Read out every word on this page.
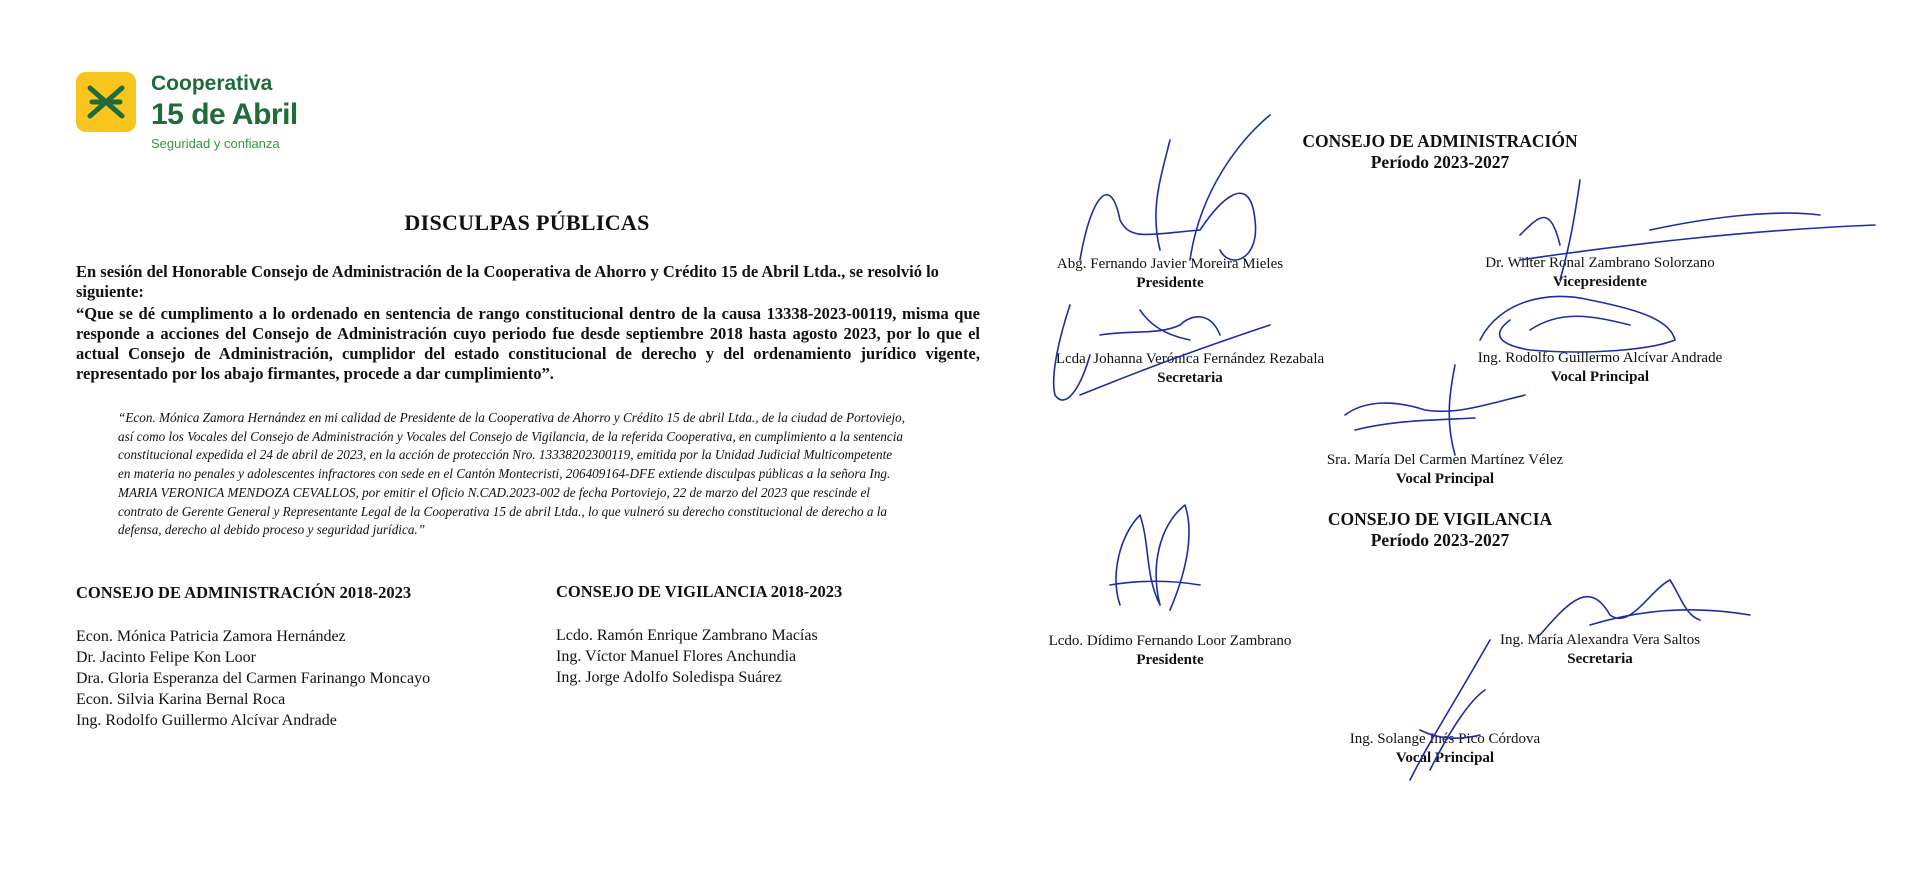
Cooperativa
15 de Abril
Seguridad y confianza
DISCULPAS PÚBLICAS
En sesión del Honorable Consejo de Administración de la Cooperativa de Ahorro y Crédito 15 de Abril Ltda., se resolvió lo siguiente:
“Que se dé cumplimento a lo ordenado en sentencia de rango constitucional dentro de la causa 13338-2023-00119, misma que responde a acciones del Consejo de Administración cuyo periodo fue desde septiembre 2018 hasta agosto 2023, por lo que el actual Consejo de Administración, cumplidor del estado constitucional de derecho y del ordenamiento jurídico vigente, representado por los abajo firmantes, procede a dar cumplimiento”.
“Econ. Mónica Zamora Hernández en mi calidad de Presidente de la Cooperativa de Ahorro y Crédito 15 de abril Ltda., de la ciudad de Portoviejo, así como los Vocales del Consejo de Administración y Vocales del Consejo de Vigilancia, de la referida Cooperativa, en cumplimiento a la sentencia constitucional expedida el 24 de abril de 2023, en la acción de protección Nro. 13338202300119, emitida por la Unidad Judicial Multicompetente en materia no penales y adolescentes infractores con sede en el Cantón Montecristi, 206409164-DFE extiende disculpas públicas a la señora Ing. MARIA VERONICA MENDOZA CEVALLOS, por emitir el Oficio N.CAD.2023-002 de fecha Portoviejo, 22 de marzo del 2023 que rescinde el contrato de Gerente General y Representante Legal de la Cooperativa 15 de abril Ltda., lo que vulneró su derecho constitucional de derecho a la defensa, derecho al debido proceso y seguridad jurídica.”
CONSEJO DE ADMINISTRACIÓN 2018-2023
Econ. Mónica Patricia Zamora Hernández
Dr. Jacinto Felipe Kon Loor
Dra. Gloria Esperanza del Carmen Farinango Moncayo
Econ. Silvia Karina Bernal Roca
Ing. Rodolfo Guillermo Alcívar Andrade
CONSEJO DE VIGILANCIA 2018-2023
Lcdo. Ramón Enrique Zambrano Macías
Ing. Víctor Manuel Flores Anchundia
Ing. Jorge Adolfo Soledispa Suárez
CONSEJO DE ADMINISTRACIÓN
Período 2023-2027
Abg. Fernando Javier Moreira Mieles
Presidente
Dr. Wilter Ronal Zambrano Solorzano
Vicepresidente
Lcda. Johanna Verónica Fernández Rezabala
Secretaria
Ing. Rodolfo Guillermo Alcívar Andrade
Vocal Principal
Sra. María Del Carmen Martínez Vélez
Vocal Principal
CONSEJO DE VIGILANCIA
Período 2023-2027
Lcdo. Dídimo Fernando Loor Zambrano
Presidente
Ing. María Alexandra Vera Saltos
Secretaria
Ing. Solange Inés Pico Córdova
Vocal Principal
